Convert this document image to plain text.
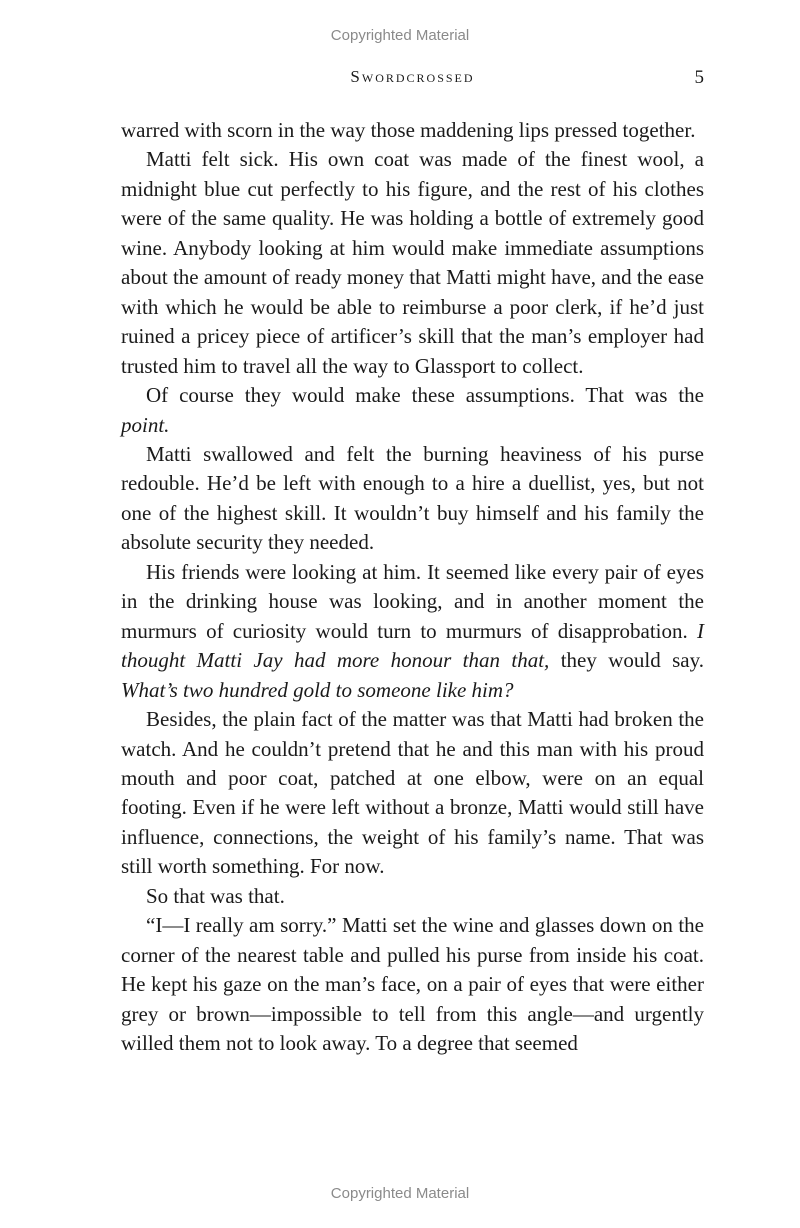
Copyrighted Material
Swordcrossed	5

warred with scorn in the way those maddening lips pressed together.

Matti felt sick. His own coat was made of the finest wool, a midnight blue cut perfectly to his figure, and the rest of his clothes were of the same quality. He was holding a bottle of extremely good wine. Anybody looking at him would make immediate assumptions about the amount of ready money that Matti might have, and the ease with which he would be able to reimburse a poor clerk, if he’d just ruined a pricey piece of artificer’s skill that the man’s employer had trusted him to travel all the way to Glassport to collect.

Of course they would make these assumptions. That was the point.

Matti swallowed and felt the burning heaviness of his purse redouble. He’d be left with enough to a hire a duellist, yes, but not one of the highest skill. It wouldn’t buy himself and his family the absolute security they needed.

His friends were looking at him. It seemed like every pair of eyes in the drinking house was looking, and in another moment the murmurs of curiosity would turn to murmurs of disapprobation. I thought Matti Jay had more honour than that, they would say. What’s two hundred gold to someone like him?

Besides, the plain fact of the matter was that Matti had broken the watch. And he couldn’t pretend that he and this man with his proud mouth and poor coat, patched at one elbow, were on an equal footing. Even if he were left without a bronze, Matti would still have influence, connections, the weight of his family’s name. That was still worth something. For now.

So that was that.

“I—I really am sorry.” Matti set the wine and glasses down on the corner of the nearest table and pulled his purse from inside his coat. He kept his gaze on the man’s face, on a pair of eyes that were either grey or brown—impossible to tell from this angle—and urgently willed them not to look away. To a degree that seemed

Copyrighted Material
